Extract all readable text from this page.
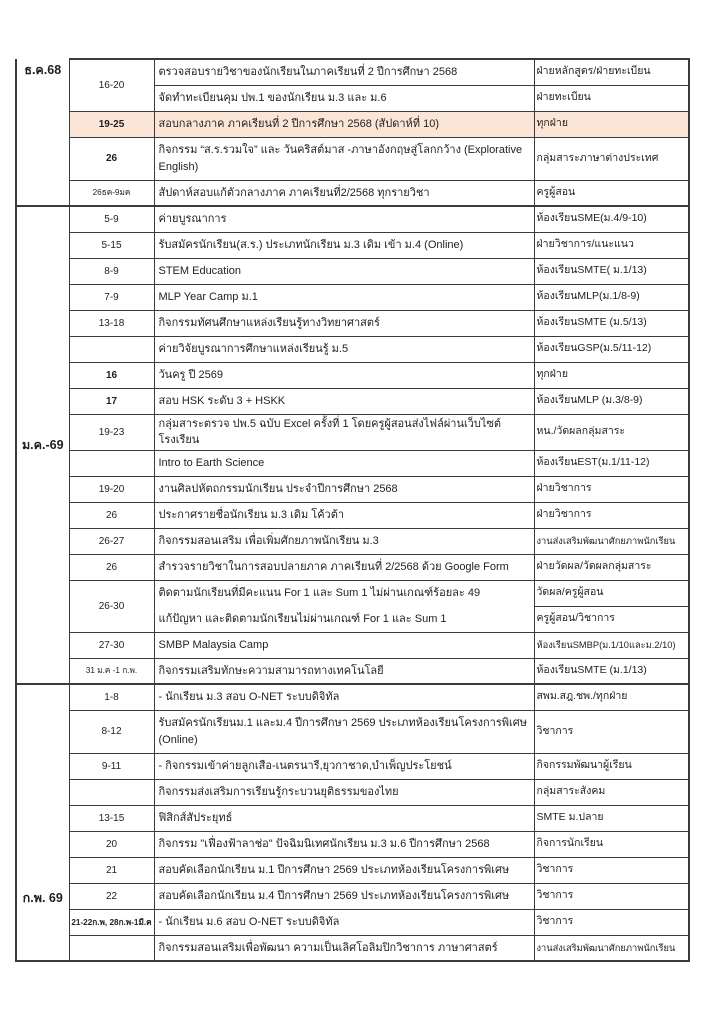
ธ.ค.68	16-20	ตรวจสอบรายวิชาของนักเรียนในภาคเรียนที่ 2 ปีการศึกษา 2568	ฝ่ายหลักสูตร/ฝ่ายทะเบียน
		จัดทำทะเบียนคุม ปพ.1 ของนักเรียน ม.3 และ ม.6	ฝ่ายทะเบียน
	19-25	สอบกลางภาค ภาคเรียนที่ 2 ปีการศึกษา 2568 (สัปดาห์ที่ 10)	ทุกฝ่าย
	26	กิจกรรม “ส.ร.รวมใจ” และ วันคริสต์มาส -ภาษาอังกฤษสู่โลกกว้าง (Explorative English)	กลุ่มสาระภาษาต่างประเทศ
	26ธค-9มค	สัปดาห์สอบแก้ตัวกลางภาค ภาคเรียนที่2/2568 ทุกรายวิชา	ครูผู้สอน
ม.ค.-69	5-9	ค่ายบูรณาการ	ห้องเรียนSME(ม.4/9-10)
	5-15	รับสมัครนักเรียน(ส.ร.) ประเภทนักเรียน ม.3 เดิม เข้า ม.4 (Online)	ฝ่ายวิชาการ/แนะแนว
	8-9	STEM Education	ห้องเรียนSMTE( ม.1/13)
	7-9	MLP Year Camp ม.1	ห้องเรียนMLP(ม.1/8-9)
	13-18	กิจกรรมทัศนศึกษาแหล่งเรียนรู้ทางวิทยาศาสตร์	ห้องเรียนSMTE (ม.5/13)
		ค่ายวิจัยบูรณาการศึกษาแหล่งเรียนรู้ ม.5	ห้องเรียนGSP(ม.5/11-12)
	16	วันครู ปี 2569	ทุกฝ่าย
	17	สอบ HSK ระดับ 3 + HSKK	ห้องเรียนMLP (ม.3/8-9)
	19-23	กลุ่มสาระตรวจ ปพ.5 ฉบับ Excel ครั้งที่ 1 โดยครูผู้สอนส่งไฟล์ผ่านเว็บไซต์โรงเรียน	หน./วัดผลกลุ่มสาระ
		Intro to Earth Science	ห้องเรียนEST(ม.1/11-12)
	19-20	งานศิลปหัตถกรรมนักเรียน ประจำปีการศึกษา 2568	ฝ่ายวิชาการ
	26	ประกาศรายชื่อนักเรียน ม.3 เดิม โค้วต้า	ฝ่ายวิชาการ
	26-27	กิจกรรมสอนเสริม เพื่อเพิ่มศักยภาพนักเรียน ม.3	งานส่งเสริมพัฒนาศักยภาพนักเรียน
	26	สำรวจรายวิชาในการสอบปลายภาค ภาคเรียนที่ 2/2568 ด้วย Google Form	ฝ่ายวัดผล/วัดผลกลุ่มสาระ
	26-30	ติดตามนักเรียนที่มีคะแนน For 1 และ Sum 1 ไม่ผ่านเกณฑ์ร้อยละ 49	วัดผล/ครูผู้สอน
		แก้ปัญหา และติดตามนักเรียนไม่ผ่านเกณฑ์ For 1 และ Sum 1	ครูผู้สอน/วิชาการ
	27-30	SMBP Malaysia Camp	ห้องเรียนSMBP(ม.1/10และม.2/10)
	31 ม.ค -1 ก.พ.	กิจกรรมเสริมทักษะความสามารถทางเทคโนโลยี	ห้องเรียนSMTE (ม.1/13)
ก.พ. 69	1-8	- นักเรียน ม.3 สอบ O-NET ระบบดิจิทัล	สพม.สฎ.ชพ./ทุกฝ่าย
	8-12	รับสมัครนักเรียนม.1 และม.4 ปีการศึกษา 2569 ประเภทห้องเรียนโครงการพิเศษ (Online)	วิชาการ
	9-11	- กิจกรรมเข้าค่ายลูกเสือ-เนตรนารี,ยุวกาชาด,บำเพ็ญประโยชน์	กิจกรรมพัฒนาผู้เรียน
		กิจกรรมส่งเสริมการเรียนรู้กระบวนยุติธรรมของไทย	กลุ่มสาระสังคม
	13-15	ฟิสิกส์สัประยุทธ์	SMTE ม.ปลาย
	20	กิจกรรม "เฟื่องฟ้าลาช่อ" ปัจฉิมนิเทศนักเรียน ม.3 ม.6 ปีการศึกษา 2568	กิจการนักเรียน
	21	สอบคัดเลือกนักเรียน ม.1 ปีการศึกษา 2569 ประเภทห้องเรียนโครงการพิเศษ	วิชาการ
	22	สอบคัดเลือกนักเรียน ม.4 ปีการศึกษา 2569 ประเภทห้องเรียนโครงการพิเศษ	วิชาการ
	21-22ก.พ, 28ก.พ-1มี.ค	- นักเรียน ม.6 สอบ O-NET ระบบดิจิทัล	วิชาการ
		กิจกรรมสอนเสริมเพื่อพัฒนา ความเป็นเลิศโอลิมปิกวิชาการ ภาษาศาสตร์	งานส่งเสริมพัฒนาศักยภาพนักเรียน
